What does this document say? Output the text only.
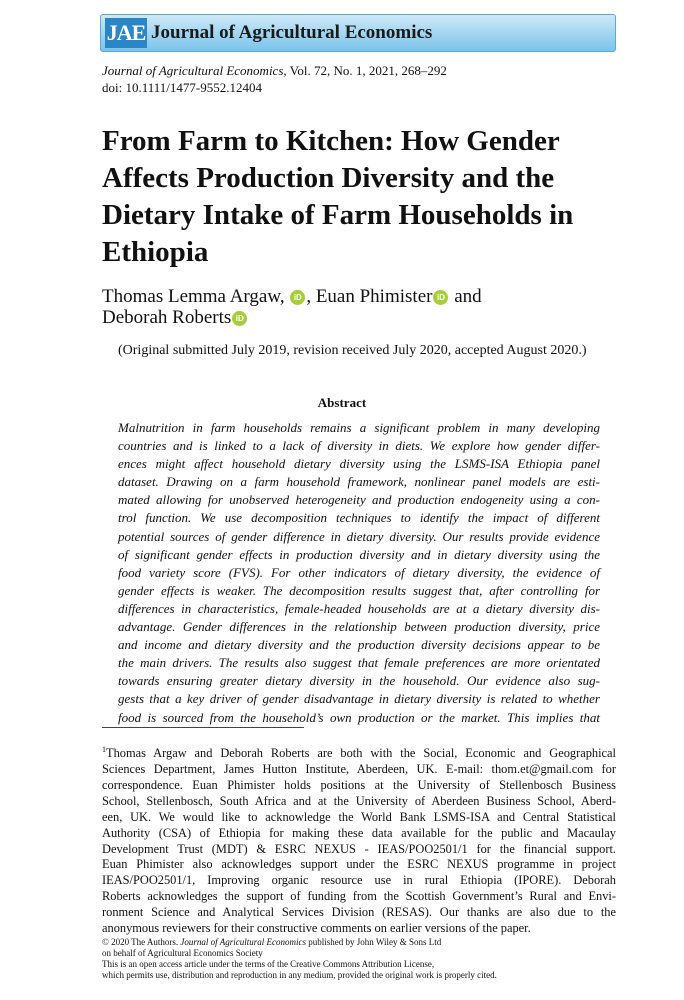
JAE Journal of Agricultural Economics
Journal of Agricultural Economics, Vol. 72, No. 1, 2021, 268–292
doi: 10.1111/1477-9552.12404
From Farm to Kitchen: How Gender Affects Production Diversity and the Dietary Intake of Farm Households in Ethiopia
Thomas Lemma Argaw, iD , Euan Phimister iD and
Deborah Roberts iD
(Original submitted July 2019, revision received July 2020, accepted August 2020.)
Abstract
Malnutrition in farm households remains a significant problem in many developing
countries and is linked to a lack of diversity in diets. We explore how gender differ-
ences might affect household dietary diversity using the LSMS-ISA Ethiopia panel
dataset. Drawing on a farm household framework, nonlinear panel models are esti-
mated allowing for unobserved heterogeneity and production endogeneity using a con-
trol function. We use decomposition techniques to identify the impact of different
potential sources of gender difference in dietary diversity. Our results provide evidence
of significant gender effects in production diversity and in dietary diversity using the
food variety score (FVS). For other indicators of dietary diversity, the evidence of
gender effects is weaker. The decomposition results suggest that, after controlling for
differences in characteristics, female-headed households are at a dietary diversity dis-
advantage. Gender differences in the relationship between production diversity, price
and income and dietary diversity and the production diversity decisions appear to be
the main drivers. The results also suggest that female preferences are more orientated
towards ensuring greater dietary diversity in the household. Our evidence also sug-
gests that a key driver of gender disadvantage in dietary diversity is related to whether
food is sourced from the household’s own production or the market. This implies that
$^1$Thomas Argaw and Deborah Roberts are both with the Social, Economic and Geographical
Sciences Department, James Hutton Institute, Aberdeen, UK. E-mail: thom.et@gmail.com for
correspondence. Euan Phimister holds positions at the University of Stellenbosch Business
School, Stellenbosch, South Africa and at the University of Aberdeen Business School, Aberd-
een, UK. We would like to acknowledge the World Bank LSMS-ISA and Central Statistical
Authority (CSA) of Ethiopia for making these data available for the public and Macaulay
Development Trust (MDT) & ESRC NEXUS - IEAS/POO2501/1 for the financial support.
Euan Phimister also acknowledges support under the ESRC NEXUS programme in project
IEAS/POO2501/1, Improving organic resource use in rural Ethiopia (IPORE). Deborah
Roberts acknowledges the support of funding from the Scottish Government’s Rural and Envi-
ronment Science and Analytical Services Division (RESAS). Our thanks are also due to the
anonymous reviewers for their constructive comments on earlier versions of the paper.
© 2020 The Authors. Journal of Agricultural Economics published by John Wiley & Sons Ltd
on behalf of Agricultural Economics Society
This is an open access article under the terms of the Creative Commons Attribution License,
which permits use, distribution and reproduction in any medium, provided the original work is properly cited.
